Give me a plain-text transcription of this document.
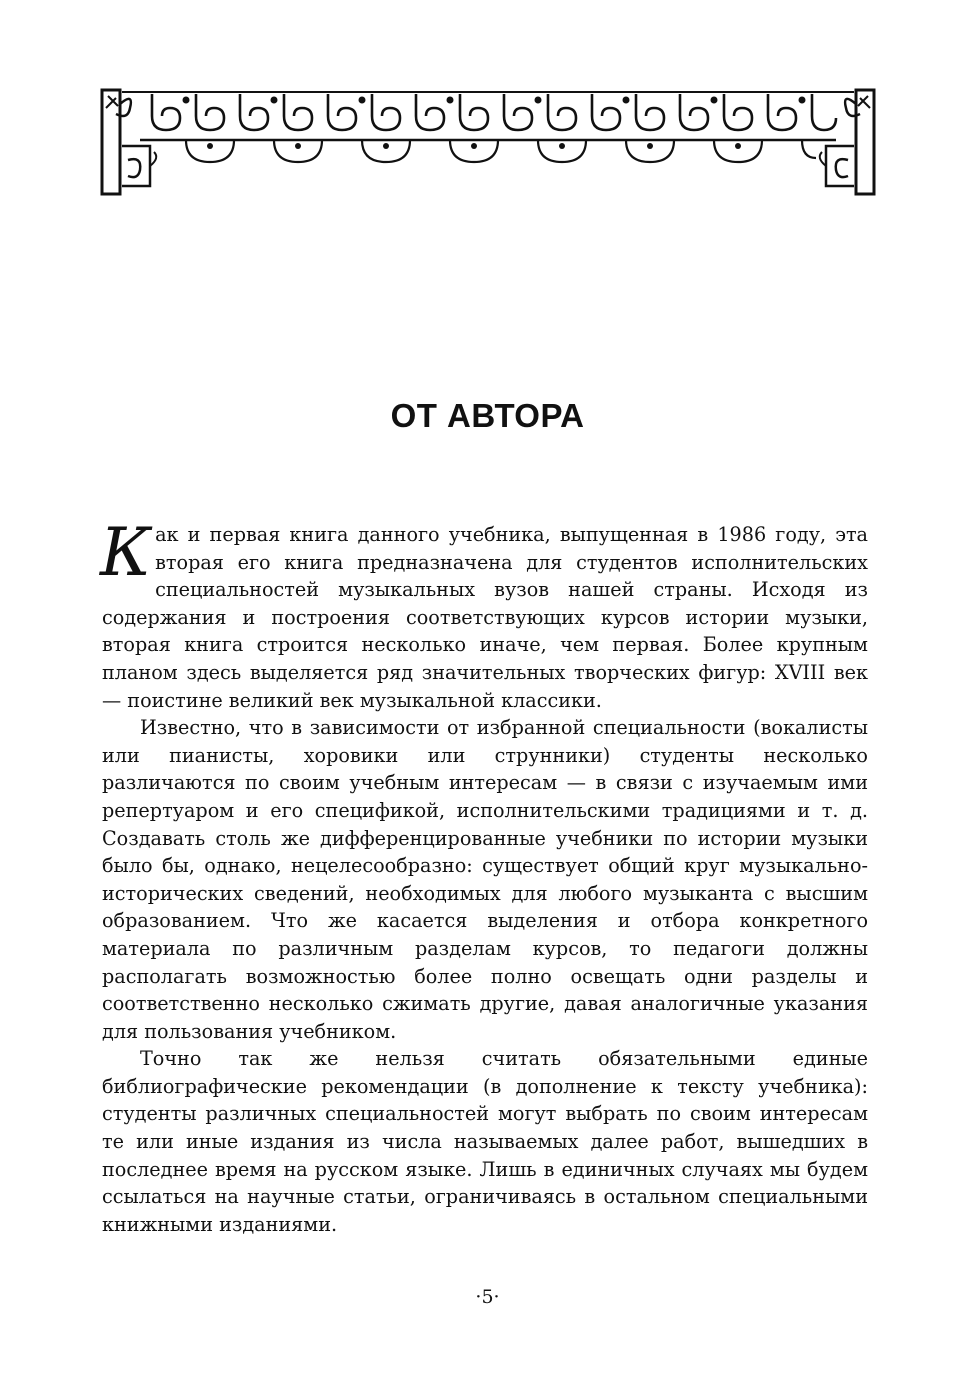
ОТ АВТОРА

Как и первая книга данного учебника, выпущенная в 1986 году, эта вторая его книга предназначена для студентов исполнительских специальностей музыкальных вузов нашей страны. Исходя из содержания и построения соответствующих курсов истории музыки, вторая книга строится несколько иначе, чем первая. Более крупным планом здесь выделяется ряд значительных творческих фигур: XVIII век — поистине великий век музыкальной классики.

Известно, что в зависимости от избранной специальности (вокалисты или пианисты, хоровики или струнники) студенты несколько различаются по своим учебным интересам — в связи с изучаемым ими репертуаром и его спецификой, исполнительскими традициями и т. д. Создавать столь же дифференцированные учебники по истории музыки было бы, однако, нецелесообразно: существует общий круг музыкально-исторических сведений, необходимых для любого музыканта с высшим образованием. Что же касается выделения и отбора конкретного материала по различным разделам курсов, то педагоги должны располагать возможностью более полно освещать одни разделы и соответственно несколько сжимать другие, давая аналогичные указания для пользования учебником.

Точно так же нельзя считать обязательными единые библиографические рекомендации (в дополнение к тексту учебника): студенты различных специальностей могут выбрать по своим интересам те или иные издания из числа называемых далее работ, вышедших в последнее время на русском языке. Лишь в единичных случаях мы будем ссылаться на научные статьи, ограничиваясь в остальном специальными книжными изданиями.

·5·
